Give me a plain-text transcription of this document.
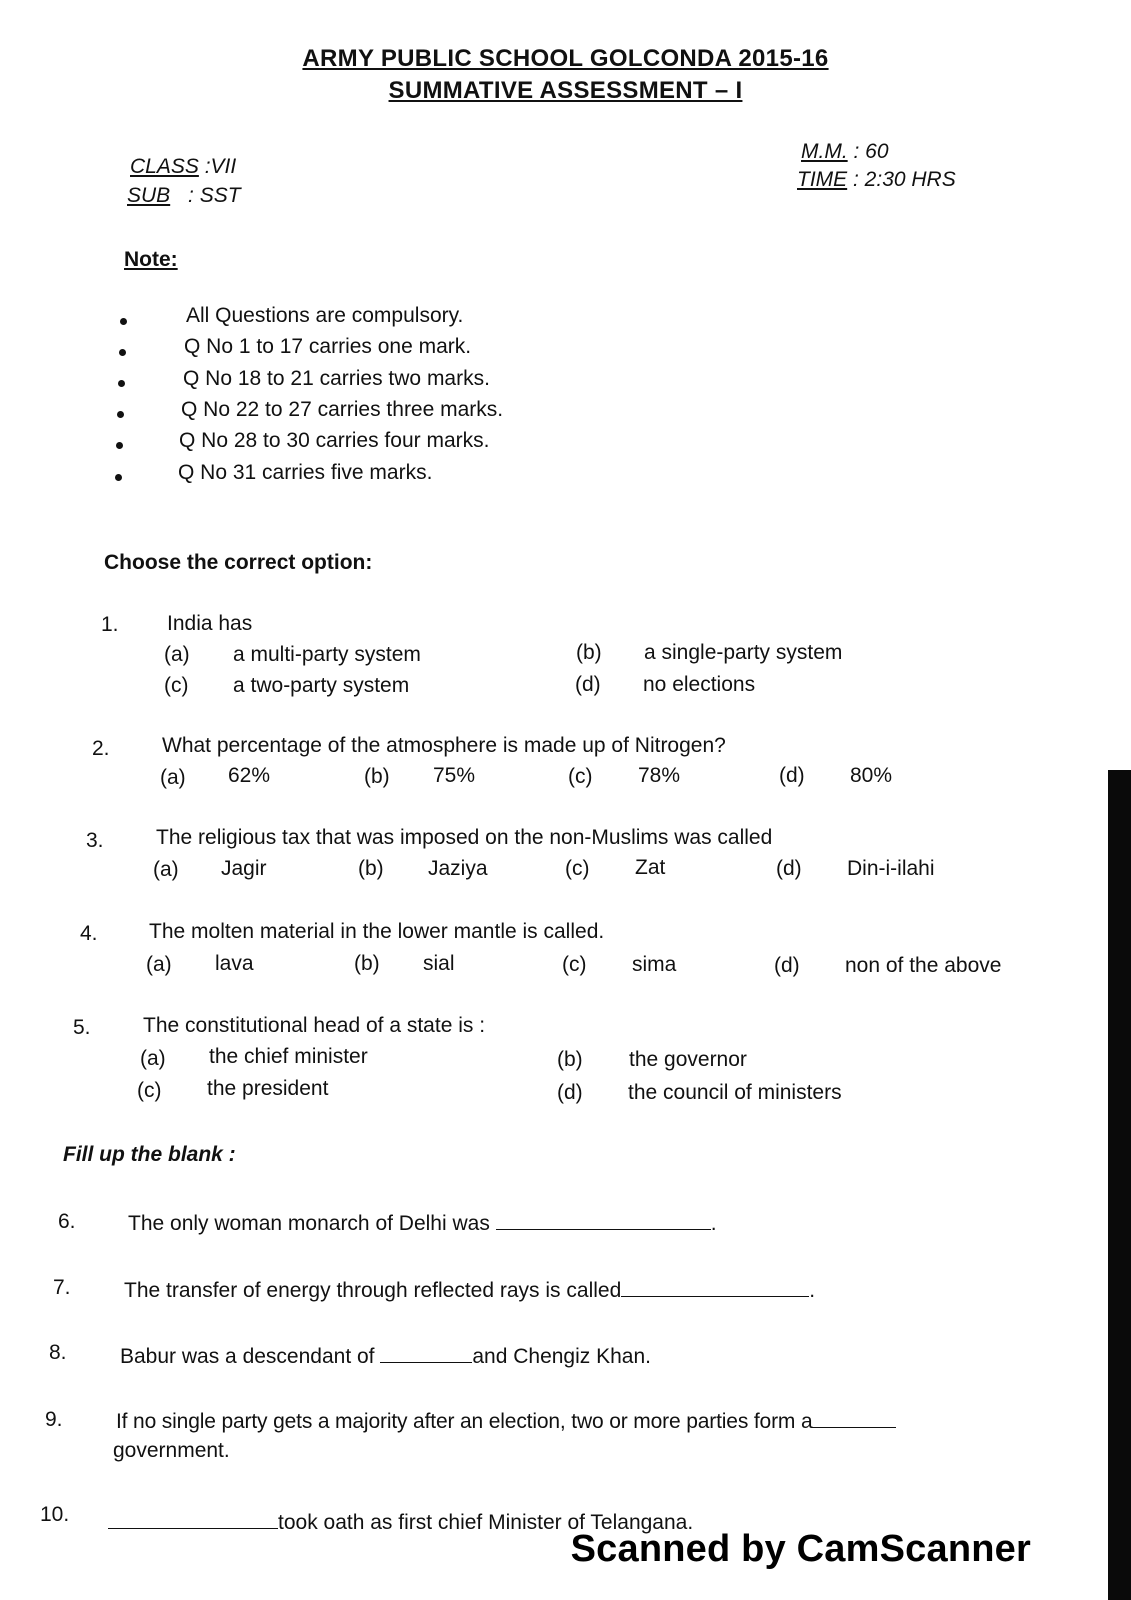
ARMY PUBLIC SCHOOL GOLCONDA 2015-16
SUMMATIVE ASSESSMENT – I
CLASS :VII
SUB : SST
M.M. : 60
TIME : 2:30 HRS
Note:
All Questions are compulsory.
Q No 1 to 17 carries one mark.
Q No 18 to 21 carries two marks.
Q No 22 to 27 carries three marks.
Q No 28 to 30 carries four marks.
Q No 31 carries five marks.
Choose the correct option:
1. India has
(a) a multi-party system	(b) a single-party system
(c) a two-party system	(d) no elections
2. What percentage of the atmosphere is made up of Nitrogen?
(a) 62%	(b) 75%	(c) 78%	(d) 80%
3. The religious tax that was imposed on the non-Muslims was called
(a) Jagir	(b) Jaziya	(c) Zat	(d) Din-i-ilahi
4. The molten material in the lower mantle is called.
(a) lava	(b) sial	(c) sima	(d) non of the above
5. The constitutional head of a state is :
(a) the chief minister	(b) the governor
(c) the president	(d) the council of ministers
Fill up the blank :
6. The only woman monarch of Delhi was	.
7.	The transfer of energy through reflected rays is called	.
8.	Babur was a descendant of	and Chengiz Khan.
9.	If no single party gets a majority after an election, two or more parties form a
government.
10.	took oath as first chief Minister of Telangana.
Scanned by CamScanner
